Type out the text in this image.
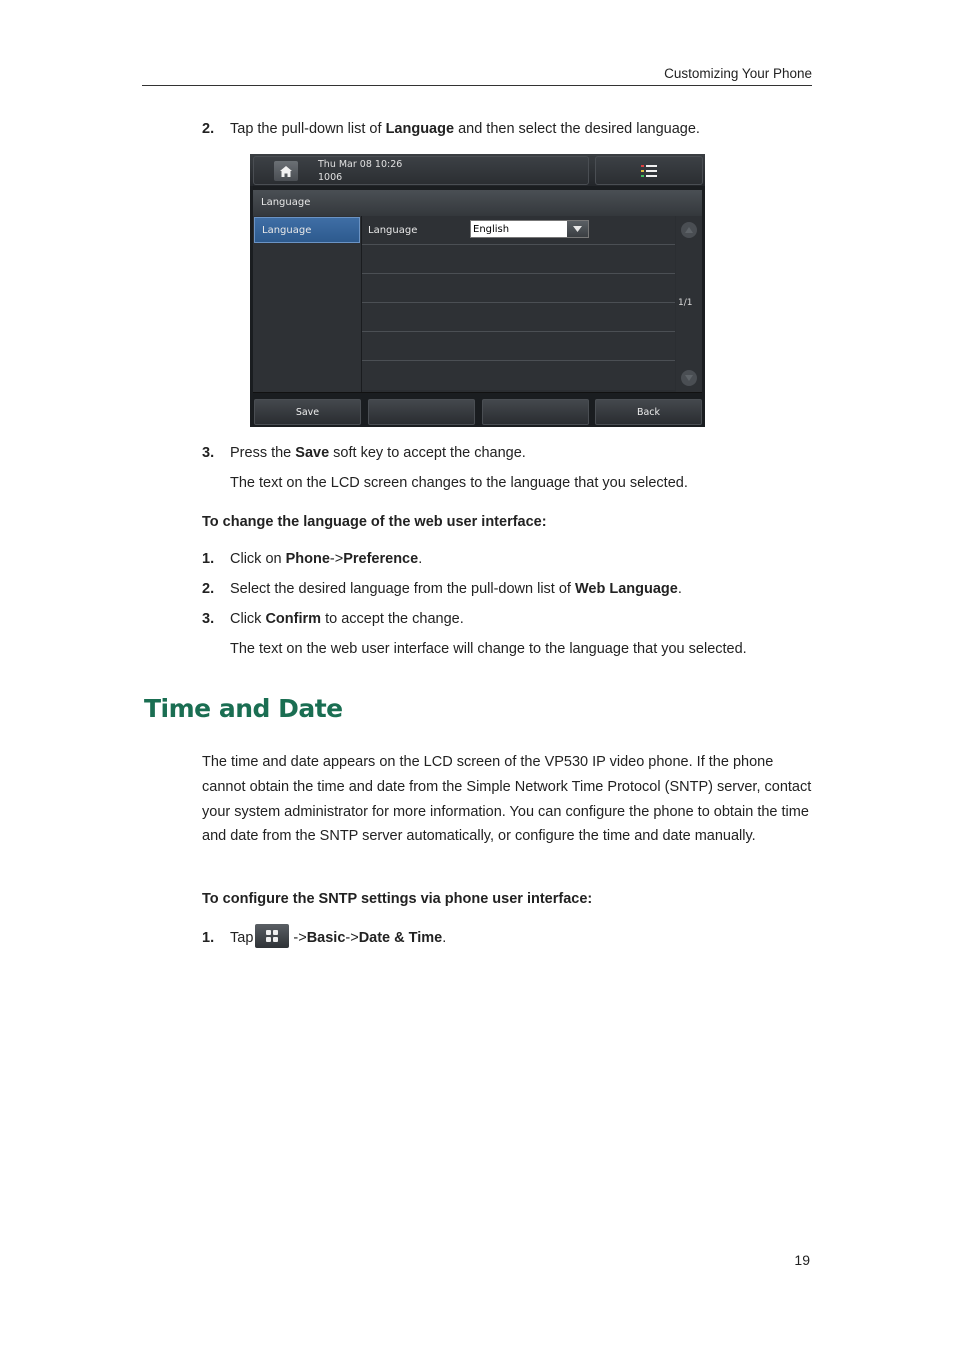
Customizing Your Phone
2. Tap the pull-down list of Language and then select the desired language.
Thu Mar 08 10:26
1006
Language
Language	Language	English
1/1
Save	Back
3. Press the Save soft key to accept the change.
The text on the LCD screen changes to the language that you selected.
To change the language of the web user interface:
1. Click on Phone->Preference.
2. Select the desired language from the pull-down list of Web Language.
3. Click Confirm to accept the change.
The text on the web user interface will change to the language that you selected.
Time and Date
The time and date appears on the LCD screen of the VP530 IP video phone. If the phone cannot obtain the time and date from the Simple Network Time Protocol (SNTP) server, contact your system administrator for more information. You can configure the phone to obtain the time and date from the SNTP server automatically, or configure the time and date manually.
To configure the SNTP settings via phone user interface:
1. Tap	->Basic->Date & Time.
19
